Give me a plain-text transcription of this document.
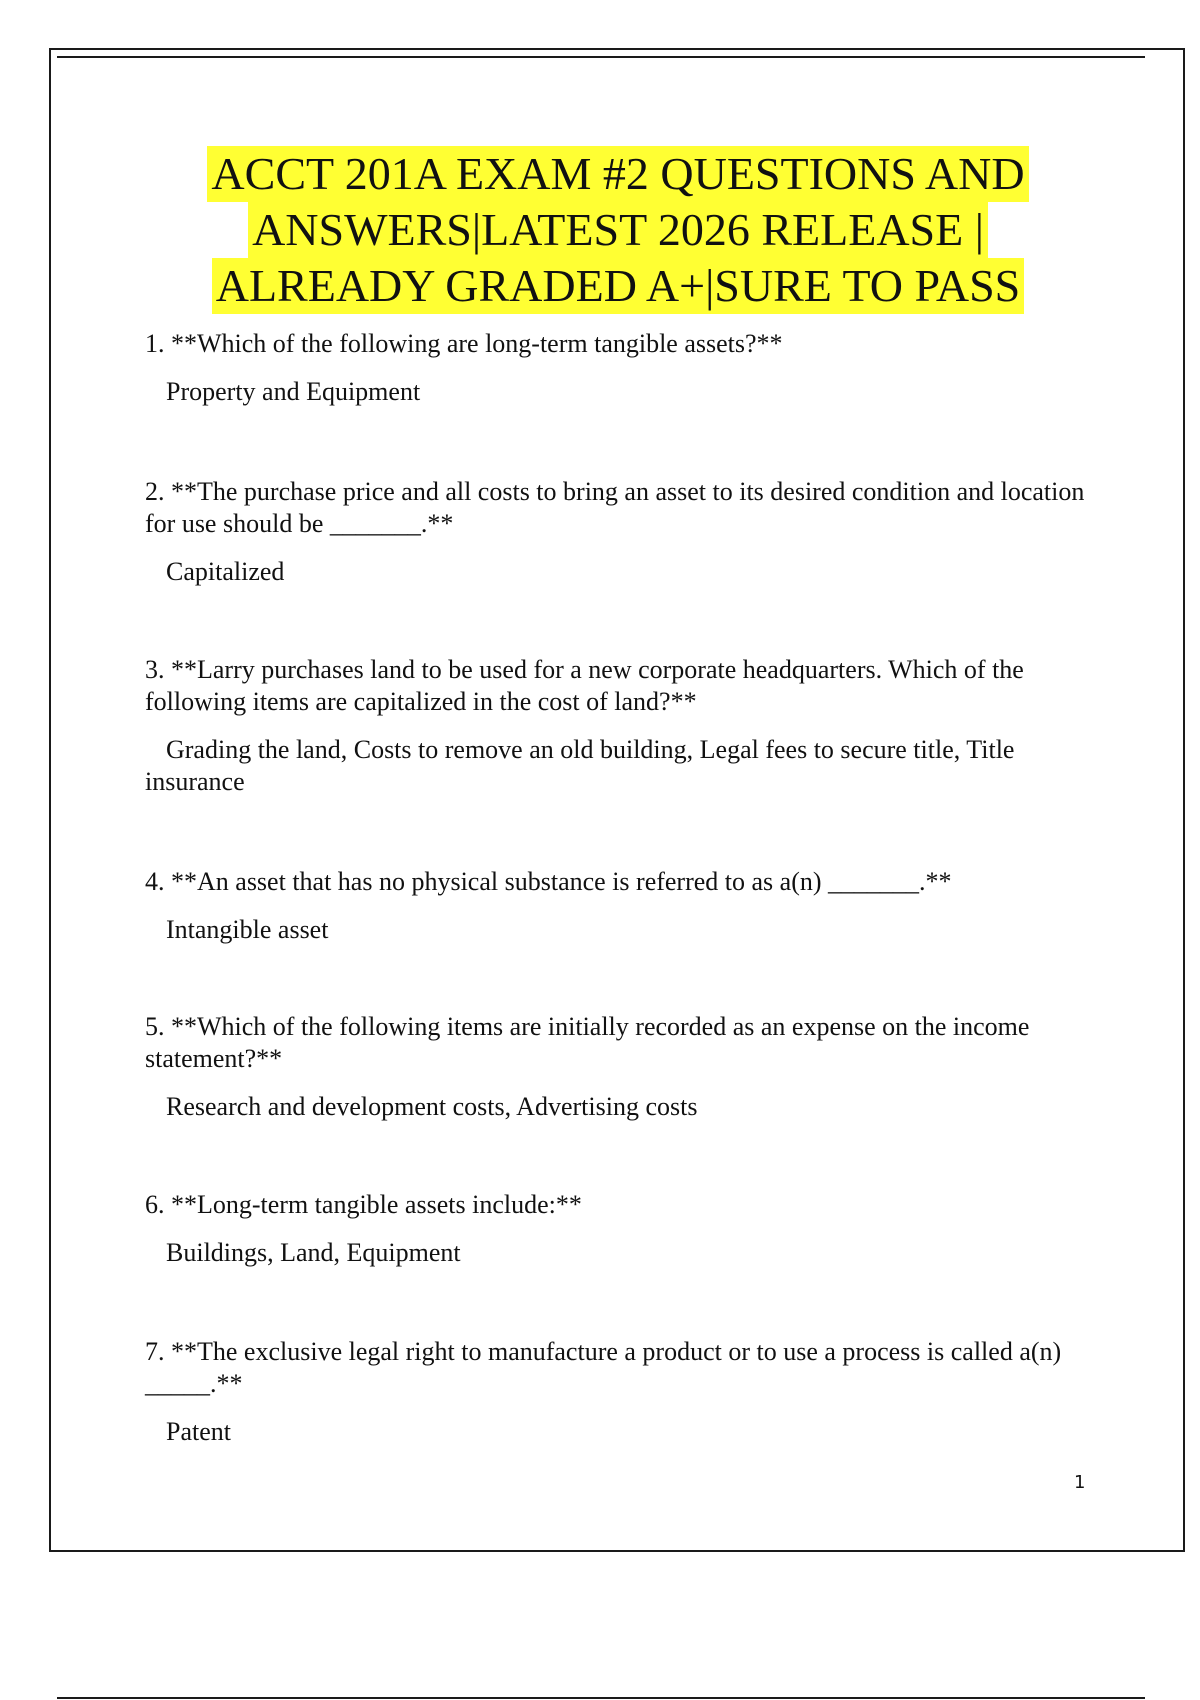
ACCT 201A EXAM #2 QUESTIONS AND
ANSWERS|LATEST 2026 RELEASE |
ALREADY GRADED A+|SURE TO PASS

1. **Which of the following are long-term tangible assets?**

Property and Equipment

2. **The purchase price and all costs to bring an asset to its desired condition and location for use should be _______.**

Capitalized

3. **Larry purchases land to be used for a new corporate headquarters. Which of the following items are capitalized in the cost of land?**

Grading the land, Costs to remove an old building, Legal fees to secure title, Title insurance

4. **An asset that has no physical substance is referred to as a(n) _______.**

Intangible asset

5. **Which of the following items are initially recorded as an expense on the income statement?**

Research and development costs, Advertising costs

6. **Long-term tangible assets include:**

Buildings, Land, Equipment

7. **The exclusive legal right to manufacture a product or to use a process is called a(n) _____.**

Patent

1
